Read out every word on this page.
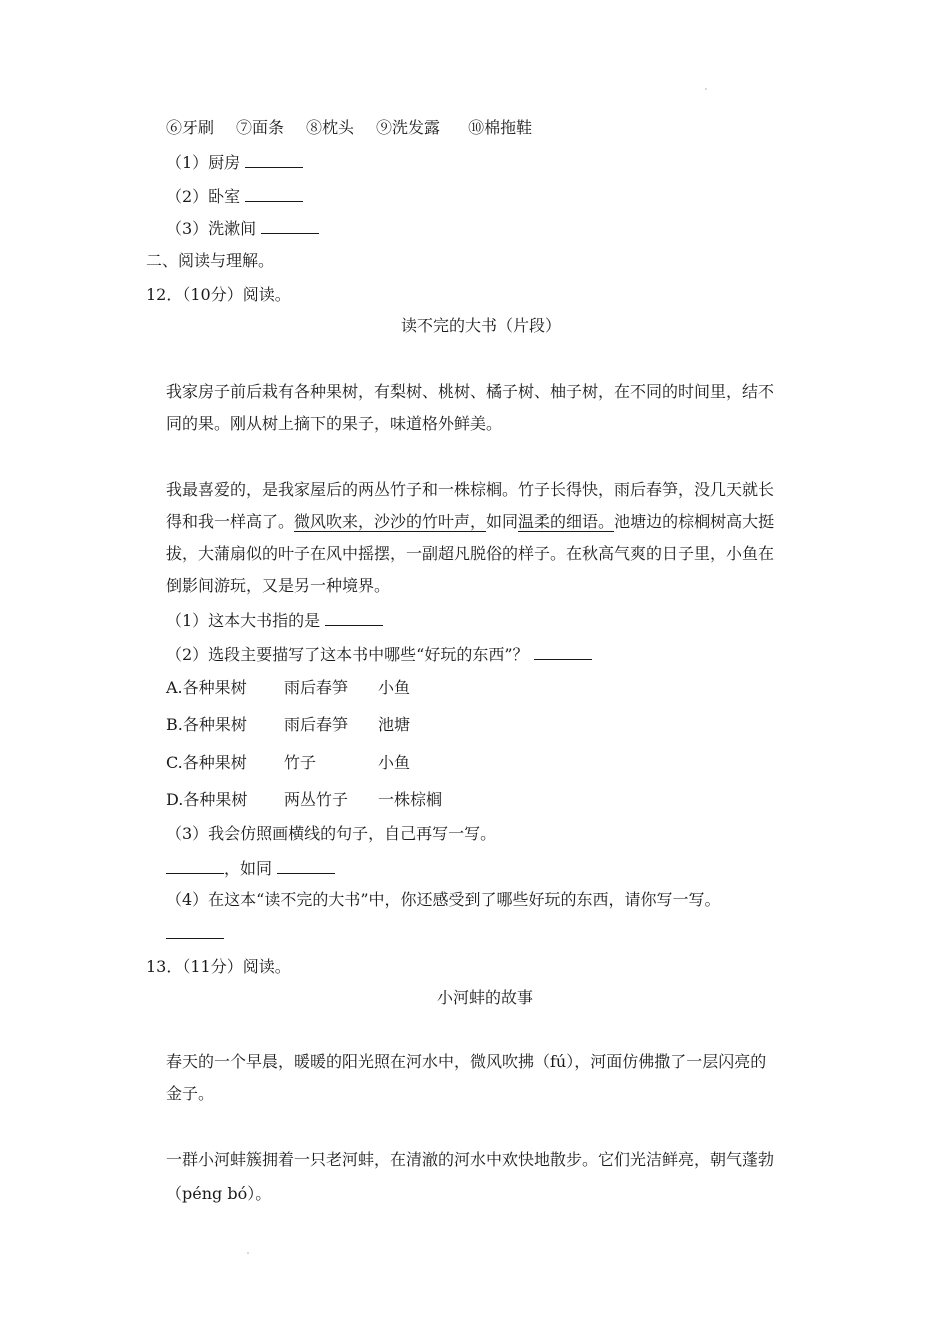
⑥牙刷 ⑦面条 ⑧枕头 ⑨洗发露 ⑩棉拖鞋
（1）厨房
（2）卧室
（3）洗漱间
二、阅读与理解。
12．（10分）阅读。
读不完的大书（片段）
我家房子前后栽有各种果树，有梨树、桃树、橘子树、柚子树，在不同的时间里，结不
同的果。刚从树上摘下的果子，味道格外鲜美。
我最喜爱的，是我家屋后的两丛竹子和一株棕榈。竹子长得快，雨后春笋，没几天就长
得和我一样高了。微风吹来，沙沙的竹叶声，如同温柔的细语。池塘边的棕榈树高大挺
拔，大蒲扇似的叶子在风中摇摆，一副超凡脱俗的样子。在秋高气爽的日子里，小鱼在
倒影间游玩，又是另一种境界。
（1）这本大书指的是
（2）选段主要描写了这本书中哪些“好玩的东西”？
A.各种果树 雨后春笋 小鱼
B.各种果树 雨后春笋 池塘
C.各种果树 竹子	小鱼
D.各种果树 两丛竹子 一株棕榈
（3）我会仿照画横线的句子，自己再写一写。
，如同
（4）在这本“读不完的大书”中，你还感受到了哪些好玩的东西，请你写一写。
13．（11分）阅读。
小河蚌的故事
春天的一个早晨，暖暖的阳光照在河水中，微风吹拂（fú），河面仿佛撒了一层闪亮的
金子。
一群小河蚌簇拥着一只老河蚌，在清澈的河水中欢快地散步。它们光洁鲜亮，朝气蓬勃
（péng bó）。
